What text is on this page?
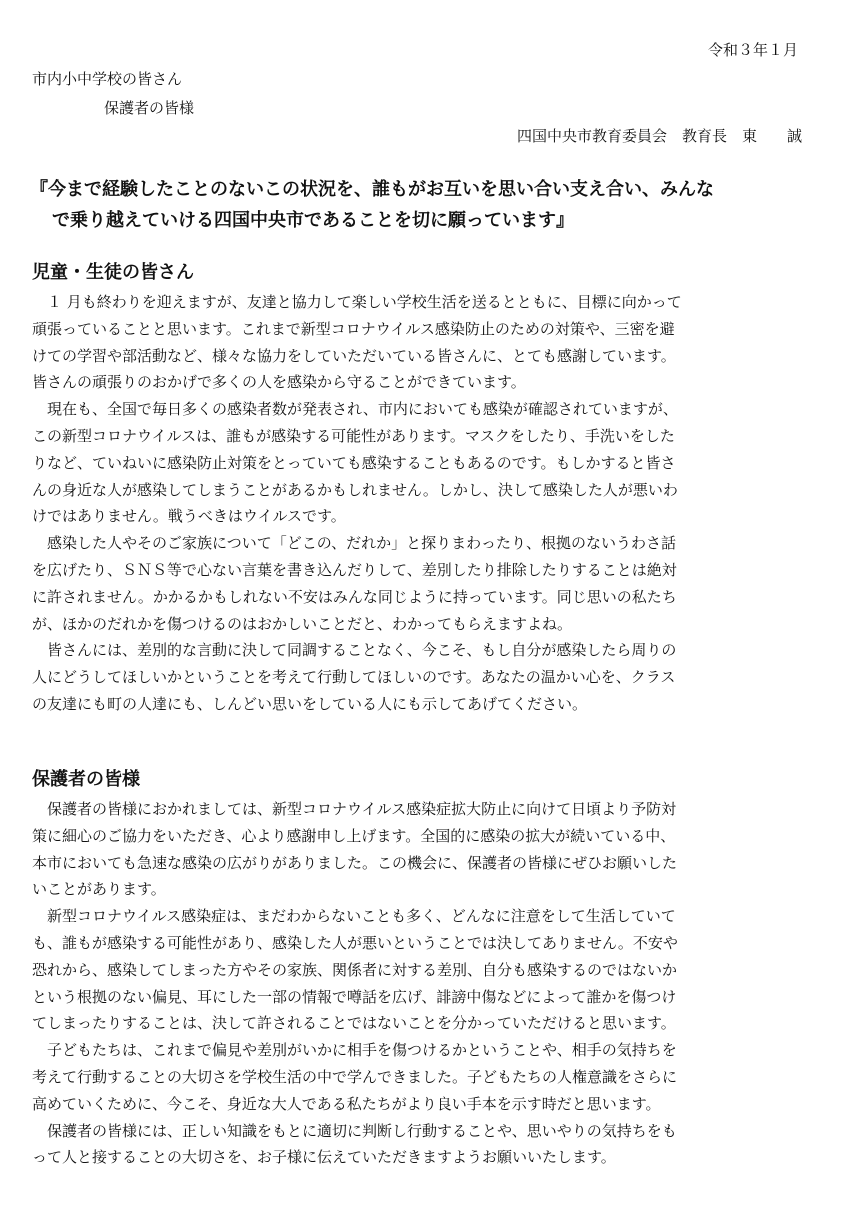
令和３年１月
市内小中学校の皆さん
保護者の皆様
四国中央市教育委員会　教育長　東　　誠
『今まで経験したことのないこの状況を、誰もがお互いを思い合い支え合い、みんな
で乗り越えていける四国中央市であることを切に願っています』
児童・生徒の皆さん
　１ 月も終わりを迎えますが、友達と協力して楽しい学校生活を送るとともに、目標に向かって
頑張っていることと思います。これまで新型コロナウイルス感染防止のための対策や、三密を避
けての学習や部活動など、様々な協力をしていただいている皆さんに、とても感謝しています。
皆さんの頑張りのおかげで多くの人を感染から守ることができています。
　現在も、全国で毎日多くの感染者数が発表され、市内においても感染が確認されていますが、
この新型コロナウイルスは、誰もが感染する可能性があります。マスクをしたり、手洗いをした
りなど、ていねいに感染防止対策をとっていても感染することもあるのです。もしかすると皆さ
んの身近な人が感染してしまうことがあるかもしれません。しかし、決して感染した人が悪いわ
けではありません。戦うべきはウイルスです。
　感染した人やそのご家族について「どこの、だれか」と探りまわったり、根拠のないうわさ話
を広げたり、ＳＮＳ等で心ない言葉を書き込んだりして、差別したり排除したりすることは絶対
に許されません。かかるかもしれない不安はみんな同じように持っています。同じ思いの私たち
が、ほかのだれかを傷つけるのはおかしいことだと、わかってもらえますよね。
　皆さんには、差別的な言動に決して同調することなく、今こそ、もし自分が感染したら周りの
人にどうしてほしいかということを考えて行動してほしいのです。あなたの温かい心を、クラス
の友達にも町の人達にも、しんどい思いをしている人にも示してあげてください。
保護者の皆様
　保護者の皆様におかれましては、新型コロナウイルス感染症拡大防止に向けて日頃より予防対
策に細心のご協力をいただき、心より感謝申し上げます。全国的に感染の拡大が続いている中、
本市においても急速な感染の広がりがありました。この機会に、保護者の皆様にぜひお願いした
いことがあります。
　新型コロナウイルス感染症は、まだわからないことも多く、どんなに注意をして生活していて
も、誰もが感染する可能性があり、感染した人が悪いということでは決してありません。不安や
恐れから、感染してしまった方やその家族、関係者に対する差別、自分も感染するのではないか
という根拠のない偏見、耳にした一部の情報で噂話を広げ、誹謗中傷などによって誰かを傷つけ
てしまったりすることは、決して許されることではないことを分かっていただけると思います。
　子どもたちは、これまで偏見や差別がいかに相手を傷つけるかということや、相手の気持ちを
考えて行動することの大切さを学校生活の中で学んできました。子どもたちの人権意識をさらに
高めていくために、今こそ、身近な大人である私たちがより良い手本を示す時だと思います。
　保護者の皆様には、正しい知識をもとに適切に判断し行動することや、思いやりの気持ちをも
って人と接することの大切さを、お子様に伝えていただきますようお願いいたします。
